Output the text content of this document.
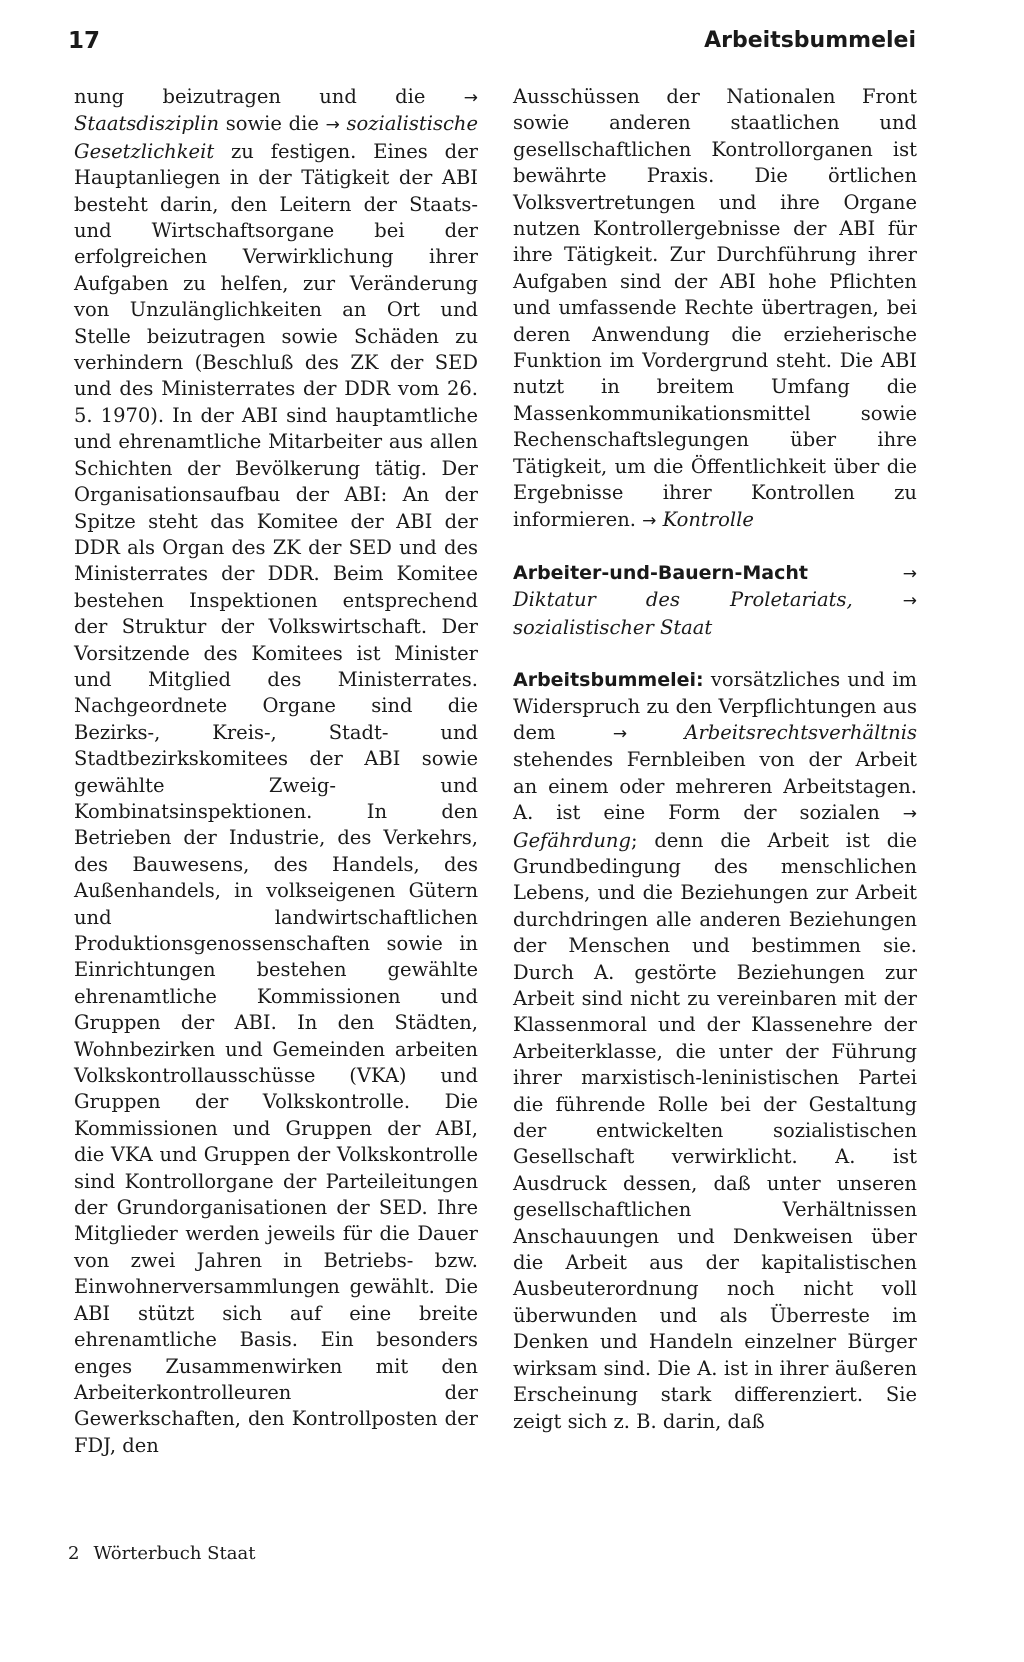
17	Arbeitsbummelei

nung beizutragen und die → Staatsdisziplin sowie die → sozialistische Gesetzlichkeit zu festigen. Eines der Hauptanliegen in der Tätigkeit der ABI besteht darin, den Leitern der Staats- und Wirtschaftsorgane bei der erfolgreichen Verwirklichung ihrer Aufgaben zu helfen, zur Veränderung von Unzulänglichkeiten an Ort und Stelle beizutragen sowie Schäden zu verhindern (Beschluß des ZK der SED und des Ministerrates der DDR vom 26. 5. 1970). In der ABI sind hauptamtliche und ehrenamtliche Mitarbeiter aus allen Schichten der Bevölkerung tätig. Der Organisationsaufbau der ABI: An der Spitze steht das Komitee der ABI der DDR als Organ des ZK der SED und des Ministerrates der DDR. Beim Komitee bestehen Inspektionen entsprechend der Struktur der Volkswirtschaft. Der Vorsitzende des Komitees ist Minister und Mitglied des Ministerrates. Nachgeordnete Organe sind die Bezirks-, Kreis-, Stadt- und Stadtbezirkskomitees der ABI sowie gewählte Zweig- und Kombinatsinspektionen. In den Betrieben der Industrie, des Verkehrs, des Bauwesens, des Handels, des Außenhandels, in volkseigenen Gütern und landwirtschaftlichen Produktionsgenossenschaften sowie in Einrichtungen bestehen gewählte ehrenamtliche Kommissionen und Gruppen der ABI. In den Städten, Wohnbezirken und Gemeinden arbeiten Volkskontrollausschüsse (VKA) und Gruppen der Volkskontrolle. Die Kommissionen und Gruppen der ABI, die VKA und Gruppen der Volkskontrolle sind Kontrollorgane der Parteileitungen der Grundorganisationen der SED. Ihre Mitglieder werden jeweils für die Dauer von zwei Jahren in Betriebs- bzw. Einwohnerversammlungen gewählt. Die ABI stützt sich auf eine breite ehrenamtliche Basis. Ein besonders enges Zusammenwirken mit den Arbeiterkontrolleuren der Gewerkschaften, den Kontrollposten der FDJ, den

Ausschüssen der Nationalen Front sowie anderen staatlichen und gesellschaftlichen Kontrollorganen ist bewährte Praxis. Die örtlichen Volksvertretungen und ihre Organe nutzen Kontrollergebnisse der ABI für ihre Tätigkeit. Zur Durchführung ihrer Aufgaben sind der ABI hohe Pflichten und umfassende Rechte übertragen, bei deren Anwendung die erzieherische Funktion im Vordergrund steht. Die ABI nutzt in breitem Umfang die Massenkommunikationsmittel sowie Rechenschaftslegungen über ihre Tätigkeit, um die Öffentlichkeit über die Ergebnisse ihrer Kontrollen zu informieren. → Kontrolle

Arbeiter-und-Bauern-Macht	→ Diktatur des Proletariats,	→ sozialistischer Staat

Arbeitsbummelei: vorsätzliches und im Widerspruch zu den Verpflichtungen aus dem →	Arbeitsrechtsverhältnis stehendes Fernbleiben von der Arbeit an einem oder mehreren Arbeitstagen. A. ist eine Form der sozialen → Gefährdung; denn die Arbeit ist die Grundbedingung des menschlichen Lebens, und die Beziehungen zur Arbeit durchdringen alle anderen Beziehungen der Menschen und bestimmen sie. Durch A. gestörte Beziehungen zur Arbeit sind nicht zu vereinbaren mit der Klassenmoral und der Klassenehre der Arbeiterklasse, die unter der Führung ihrer marxistisch-leninistischen Partei die führende Rolle bei der Gestaltung der entwickelten sozialistischen Gesellschaft verwirklicht. A. ist Ausdruck dessen, daß unter unseren gesellschaftlichen Verhältnissen Anschauungen und Denkweisen über die Arbeit aus der kapitalistischen Ausbeuterordnung noch nicht voll überwunden und als Überreste im Denken und Handeln einzelner Bürger wirksam sind. Die A. ist in ihrer äußeren Erscheinung stark differenziert. Sie zeigt sich z. B. darin, daß

2 Wörterbuch Staat
